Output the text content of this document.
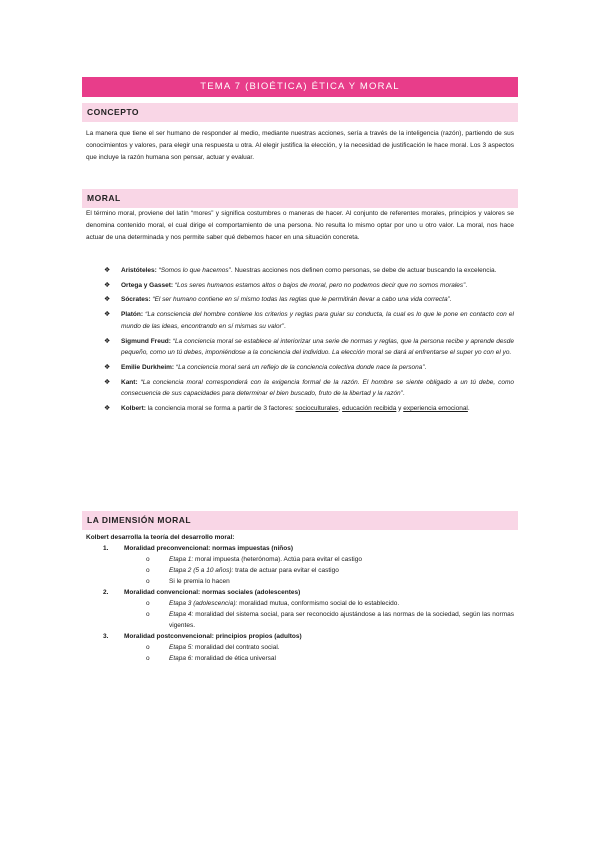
TEMA 7 (BIOÉTICA) ÉTICA Y MORAL
CONCEPTO
La manera que tiene el ser humano de responder al medio, mediante nuestras acciones, sería a través de la inteligencia (razón), partiendo de sus conocimientos y valores, para elegir una respuesta u otra. Al elegir justifica la elección, y la necesidad de justificación le hace moral. Los 3 aspectos que incluye la razón humana son pensar, actuar y evaluar.
MORAL
El término moral, proviene del latín “mores” y significa costumbres o maneras de hacer. Al conjunto de referentes morales, principios y valores se denomina contenido moral, el cual dirige el comportamiento de una persona. No resulta lo mismo optar por uno u otro valor. La moral, nos hace actuar de una determinada y nos permite saber qué debemos hacer en una situación concreta.
❖ Aristóteles: “Somos lo que hacemos”. Nuestras acciones nos definen como personas, se debe de actuar buscando la excelencia.
❖ Ortega y Gasset: “Los seres humanos estamos altos o bajos de moral, pero no podemos decir que no somos morales”.
❖ Sócrates: “El ser humano contiene en sí mismo todas las reglas que le permitirán llevar a cabo una vida correcta”.
❖ Platón: “La consciencia del hombre contiene los criterios y reglas para guiar su conducta, la cual es lo que le pone en contacto con el mundo de las ideas, encontrando en sí mismas su valor”.
❖ Sigmund Freud: “La conciencia moral se establece al interiorizar una serie de normas y reglas, que la persona recibe y aprende desde pequeño, como un tú debes, imponiéndose a la conciencia del individuo. La elección moral se dará al enfrentarse el super yo con el yo.
❖ Emilie Durkheim: “La conciencia moral será un reflejo de la conciencia colectiva donde nace la persona”.
❖ Kant: “La conciencia moral corresponderá con la exigencia formal de la razón. El hombre se siente obligado a un tú debe, como consecuencia de sus capacidades para determinar el bien buscado, fruto de la libertad y la razón”.
❖ Kolbert: la conciencia moral se forma a partir de 3 factores: socioculturales, educación recibida y experiencia emocional.
LA DIMENSIÓN MORAL
Kolbert desarrolla la teoría del desarrollo moral:
1. Moralidad preconvencional: normas impuestas (niños)
o	Etapa 1: moral impuesta (heterónoma). Actúa para evitar el castigo
o	Etapa 2 (5 a 10 años): trata de actuar para evitar el castigo
o	Si le premia lo hacen
2. Moralidad convencional: normas sociales (adolescentes)
o	Etapa 3 (adolescencia): moralidad mutua, conformismo social de lo establecido.
o	Etapa 4: moralidad del sistema social, para ser reconocido ajustándose a las normas de la sociedad, según las normas vigentes.
3. Moralidad postconvencional: principios propios (adultos)
o	Etapa 5: moralidad del contrato social.
o	Etapa 6: moralidad de ética universal
